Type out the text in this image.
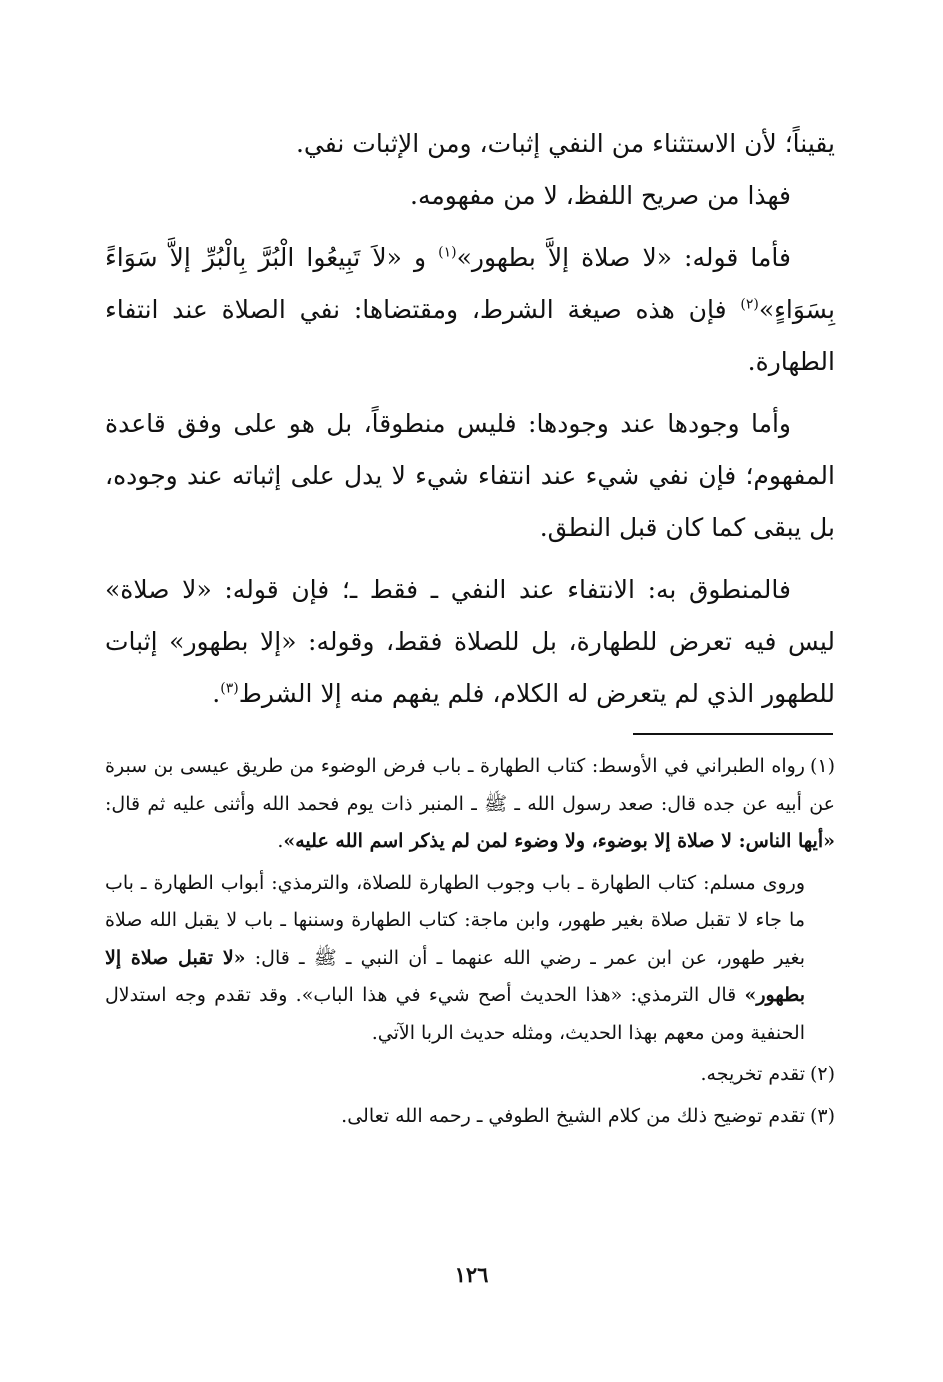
يقيناً؛ لأن الاستثناء من النفي إثبات، ومن الإثبات نفي.

فهذا من صريح اللفظ، لا من مفهومه.

فأما قوله: «لا صلاة إلاَّ بطهور»$^{(١)}$ و «لاَ تَبِيعُوا الْبُرَّ بِالْبُرِّ إلاَّ سَوَاءً بِسَوَاءٍ»$^{(٢)}$ فإن هذه صيغة الشرط، ومقتضاها: نفي الصلاة عند انتفاء الطهارة.

وأما وجودها عند وجودها: فليس منطوقاً، بل هو على وفق قاعدة المفهوم؛ فإن نفي شيء عند انتفاء شيء لا يدل على إثباته عند وجوده، بل يبقى كما كان قبل النطق.

فالمنطوق به: الانتفاء عند النفي ـ فقط ـ؛ فإن قوله: «لا صلاة» ليس فيه تعرض للطهارة، بل للصلاة فقط، وقوله: «إلا بطهور» إثبات للطهور الذي لم يتعرض له الكلام، فلم يفهم منه إلا الشرط$^{(٣)}$.

(١)رواه الطبراني في الأوسط: كتاب الطهارة ـ باب فرض الوضوء من طريق عيسى بن سبرة عن أبيه عن جده قال: صعد رسول الله ـ ﷺ ـ المنبر ذات يوم فحمد الله وأثنى عليه ثم قال: «أيها الناس: لا صلاة إلا بوضوء، ولا وضوء لمن لم يذكر اسم الله عليه».

وروى مسلم: كتاب الطهارة ـ باب وجوب الطهارة للصلاة، والترمذي: أبواب الطهارة ـ باب ما جاء لا تقبل صلاة بغير طهور، وابن ماجة: كتاب الطهارة وسننها ـ باب لا يقبل الله صلاة بغير طهور، عن ابن عمر ـ رضي الله عنهما ـ أن النبي ـ ﷺ ـ قال: «لا تقبل صلاة إلا بطهور» قال الترمذي: «هذا الحديث أصح شيء في هذا الباب». وقد تقدم وجه استدلال الحنفية ومن معهم بهذا الحديث، ومثله حديث الربا الآتي.

(٢)تقدم تخريجه.

(٣)تقدم توضيح ذلك من كلام الشيخ الطوفي ـ رحمه الله تعالى.

١٢٦
